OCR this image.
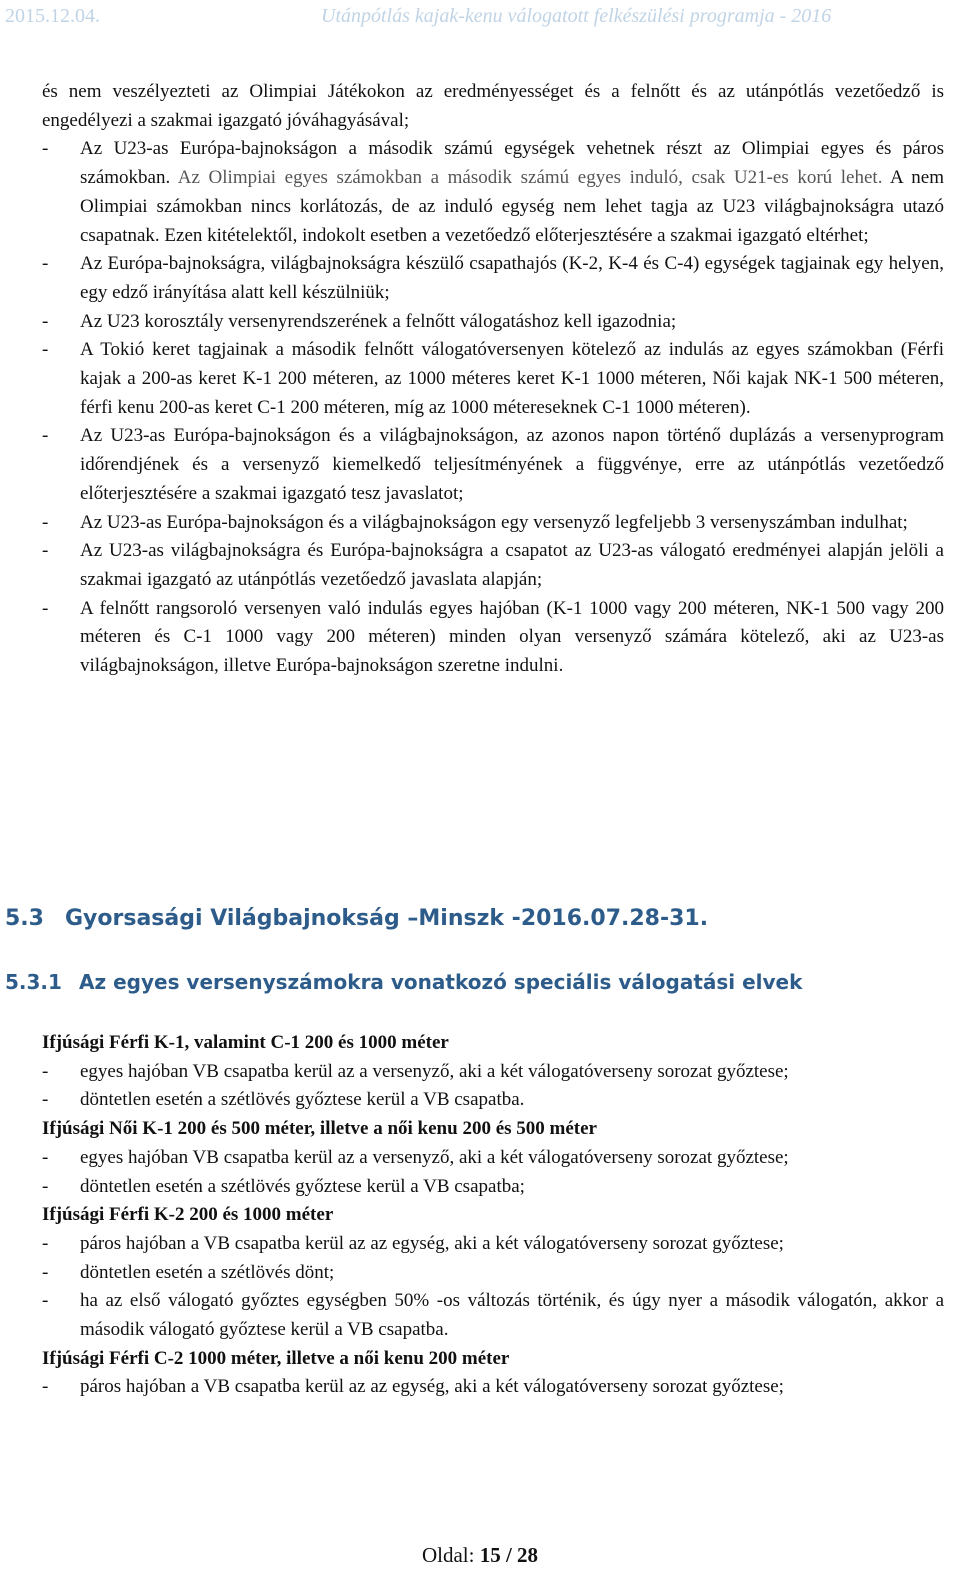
2015.12.04.	Utánpótlás kajak-kenu válogatott felkészülési programja - 2016
és nem veszélyezteti az Olimpiai Játékokon az eredményességet és a felnőtt és az utánpótlás vezetőedző is engedélyezi a szakmai igazgató jóváhagyásával;
- Az U23-as Európa-bajnokságon a második számú egységek vehetnek részt az Olimpiai egyes és páros számokban. Az Olimpiai egyes számokban a második számú egyes induló, csak U21-es korú lehet. A nem Olimpiai számokban nincs korlátozás, de az induló egység nem lehet tagja az U23 világbajnokságra utazó csapatnak. Ezen kitételektől, indokolt esetben a vezetőedző előterjesztésére a szakmai igazgató eltérhet;
- Az Európa-bajnokságra, világbajnokságra készülő csapathajós (K-2, K-4 és C-4) egységek tagjainak egy helyen, egy edző irányítása alatt kell készülniük;
- Az U23 korosztály versenyrendszerének a felnőtt válogatáshoz kell igazodnia;
- A Tokió keret tagjainak a második felnőtt válogatóversenyen kötelező az indulás az egyes számokban (Férfi kajak a 200-as keret K-1 200 méteren, az 1000 méteres keret K-1 1000 méteren, Női kajak NK-1 500 méteren, férfi kenu 200-as keret C-1 200 méteren, míg az 1000 métereseknek C-1 1000 méteren).
- Az U23-as Európa-bajnokságon és a világbajnokságon, az azonos napon történő duplázás a versenyprogram időrendjének és a versenyző kiemelkedő teljesítményének a függvénye, erre az utánpótlás vezetőedző előterjesztésére a szakmai igazgató tesz javaslatot;
- Az U23-as Európa-bajnokságon és a világbajnokságon egy versenyző legfeljebb 3 versenyszámban indulhat;
- Az U23-as világbajnokságra és Európa-bajnokságra a csapatot az U23-as válogató eredményei alapján jelöli a szakmai igazgató az utánpótlás vezetőedző javaslata alapján;
- A felnőtt rangsoroló versenyen való indulás egyes hajóban (K-1 1000 vagy 200 méteren, NK-1 500 vagy 200 méteren és C-1 1000 vagy 200 méteren) minden olyan versenyző számára kötelező, aki az U23-as világbajnokságon, illetve Európa-bajnokságon szeretne indulni.
5.3 Gyorsasági Világbajnokság –Minszk -2016.07.28-31.
5.3.1 Az egyes versenyszámokra vonatkozó speciális válogatási elvek
Ifjúsági Férfi K-1, valamint C-1 200 és 1000 méter
- egyes hajóban VB csapatba kerül az a versenyző, aki a két válogatóverseny sorozat győztese;
- döntetlen esetén a szétlövés győztese kerül a VB csapatba.
Ifjúsági Női K-1 200 és 500 méter, illetve a női kenu 200 és 500 méter
- egyes hajóban VB csapatba kerül az a versenyző, aki a két válogatóverseny sorozat győztese;
- döntetlen esetén a szétlövés győztese kerül a VB csapatba;
Ifjúsági Férfi K-2 200 és 1000 méter
- páros hajóban a VB csapatba kerül az az egység, aki a két válogatóverseny sorozat győztese;
- döntetlen esetén a szétlövés dönt;
- ha az első válogató győztes egységben 50% -os változás történik, és úgy nyer a második válogatón, akkor a második válogató győztese kerül a VB csapatba.
Ifjúsági Férfi C-2 1000 méter, illetve a női kenu 200 méter
- páros hajóban a VB csapatba kerül az az egység, aki a két válogatóverseny sorozat győztese;
Oldal: 15 / 28
